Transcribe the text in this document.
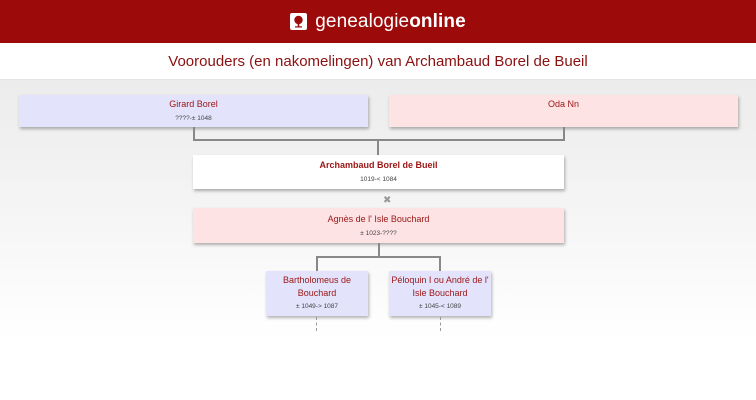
genealogieonline
Voorouders (en nakomelingen) van Archambaud Borel de Bueil
Girard Borel
????-± 1048
Oda Nn
Archambaud Borel de Bueil
1019-< 1084
✖
Agnès de l' Isle Bouchard
± 1023-????
Bartholomeus de Bouchard
± 1049-> 1087
Péloquin I ou André de l' Isle Bouchard
± 1045-< 1089
